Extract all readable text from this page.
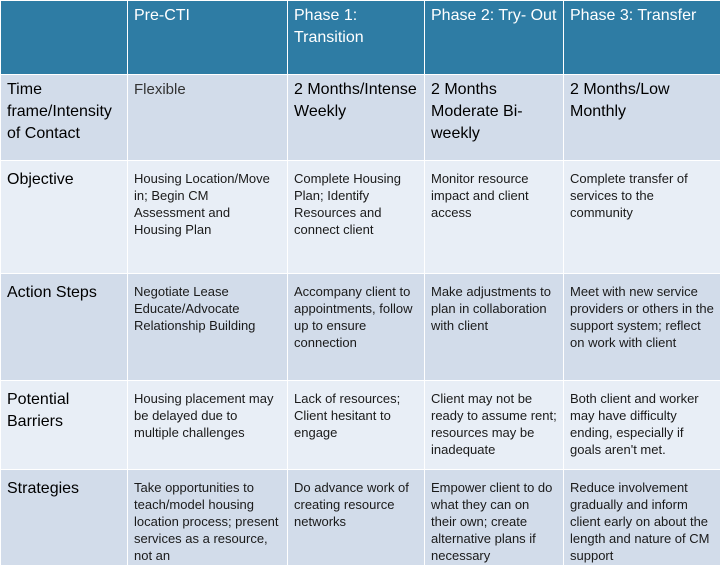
	Pre-CTI	Phase 1: Transition	Phase 2: Try- Out	Phase 3: Transfer
Time frame/Intensity of Contact	Flexible	2 Months/Intense Weekly	2 Months Moderate Bi-weekly	2 Months/Low Monthly
Objective	Housing Location/Move in; Begin CM Assessment and Housing Plan	Complete Housing Plan; Identify Resources and connect client	Monitor resource impact and client access	Complete transfer of services to the community
Action Steps	Negotiate Lease Educate/Advocate Relationship Building	Accompany client to appointments, follow up to ensure connection	Make adjustments to plan in collaboration with client	Meet with new service providers or others in the support system; reflect on work with client
Potential Barriers	Housing placement may be delayed due to multiple challenges	Lack of resources; Client hesitant to engage	Client may not be ready to assume rent; resources may be inadequate	Both client and worker may have difficulty ending, especially if goals aren't met.
Strategies	Take opportunities to teach/model housing location process; present services as a resource, not an	Do advance work of creating resource networks	Empower client to do what they can on their own; create alternative plans if necessary	Reduce involvement gradually and inform client early on about the length and nature of CM support
